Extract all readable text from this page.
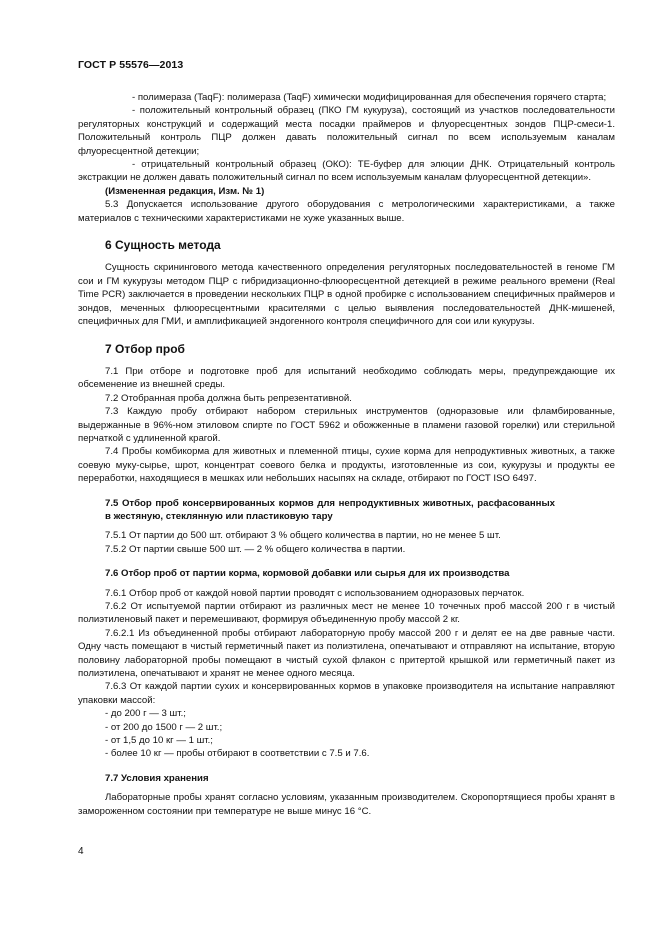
ГОСТ Р 55576—2013

- полимераза (TaqF): полимераза (TaqF) химически модифицированная для обеспечения горячего старта;

- положительный контрольный образец (ПКО ГМ кукуруза), состоящий из участков последовательности регуляторных конструкций и содержащий места посадки праймеров и флуоресцентных зондов ПЦР-смеси-1. Положительный контроль ПЦР должен давать положительный сигнал по всем используемым каналам флуоресцентной детекции;

- отрицательный контрольный образец (ОКО): ТЕ-буфер для элюции ДНК. Отрицательный контроль экстракции не должен давать положительный сигнал по всем используемым каналам флуоресцентной детекции».

(Измененная редакция, Изм. № 1)

5.3 Допускается использование другого оборудования с метрологическими характеристиками, а также материалов с техническими характеристиками не хуже указанных выше.

6 Сущность метода

Сущность скринингового метода качественного определения регуляторных последовательностей в геноме ГМ сои и ГМ кукурузы методом ПЦР с гибридизационно-флюоресцентной детекцией в режиме реального времени (Real Time PCR) заключается в проведении нескольких ПЦР в одной пробирке с использованием специфичных праймеров и зондов, меченных флюоресцентными красителями с целью выявления последовательностей ДНК-мишеней, специфичных для ГМИ, и амплификацией эндогенного контроля специфичного для сои или кукурузы.

7 Отбор проб

7.1 При отборе и подготовке проб для испытаний необходимо соблюдать меры, предупреждающие их обсеменение из внешней среды.

7.2 Отобранная проба должна быть репрезентативной.

7.3 Каждую пробу отбирают набором стерильных инструментов (одноразовые или фламбированные, выдержанные в 96%-ном этиловом спирте по ГОСТ 5962 и обожженные в пламени газовой горелки) или стерильной перчаткой с удлиненной крагой.

7.4 Пробы комбикорма для животных и племенной птицы, сухие корма для непродуктивных животных, а также соевую муку-сырье, шрот, концентрат соевого белка и продукты, изготовленные из сои, кукурузы и продукты ее переработки, находящиеся в мешках или небольших насыпях на складе, отбирают по ГОСТ ISO 6497.

7.5 Отбор проб консервированных кормов для непродуктивных животных, расфасованных в жестяную, стеклянную или пластиковую тару

7.5.1 От партии до 500 шт. отбирают 3 % общего количества в партии, но не менее 5 шт.

7.5.2 От партии свыше 500 шт. — 2 % общего количества в партии.

7.6 Отбор проб от партии корма, кормовой добавки или сырья для их производства

7.6.1 Отбор проб от каждой новой партии проводят с использованием одноразовых перчаток.

7.6.2 От испытуемой партии отбирают из различных мест не менее 10 точечных проб массой 200 г в чистый полиэтиленовый пакет и перемешивают, формируя объединенную пробу массой 2 кг.

7.6.2.1 Из объединенной пробы отбирают лабораторную пробу массой 200 г и делят ее на две равные части. Одну часть помещают в чистый герметичный пакет из полиэтилена, опечатывают и отправляют на испытание, вторую половину лабораторной пробы помещают в чистый сухой флакон с притертой крышкой или герметичный пакет из полиэтилена, опечатывают и хранят не менее одного месяца.

7.6.3 От каждой партии сухих и консервированных кормов в упаковке производителя на испытание направляют упаковки массой:

- до 200 г — 3 шт.;

- от 200 до 1500 г — 2 шт.;

- от 1,5 до 10 кг — 1 шт.;

- более 10 кг — пробы отбирают в соответствии с 7.5 и 7.6.

7.7 Условия хранения

Лабораторные пробы хранят согласно условиям, указанным производителем. Скоропортящиеся пробы хранят в замороженном состоянии при температуре не выше минус 16 °С.

4
